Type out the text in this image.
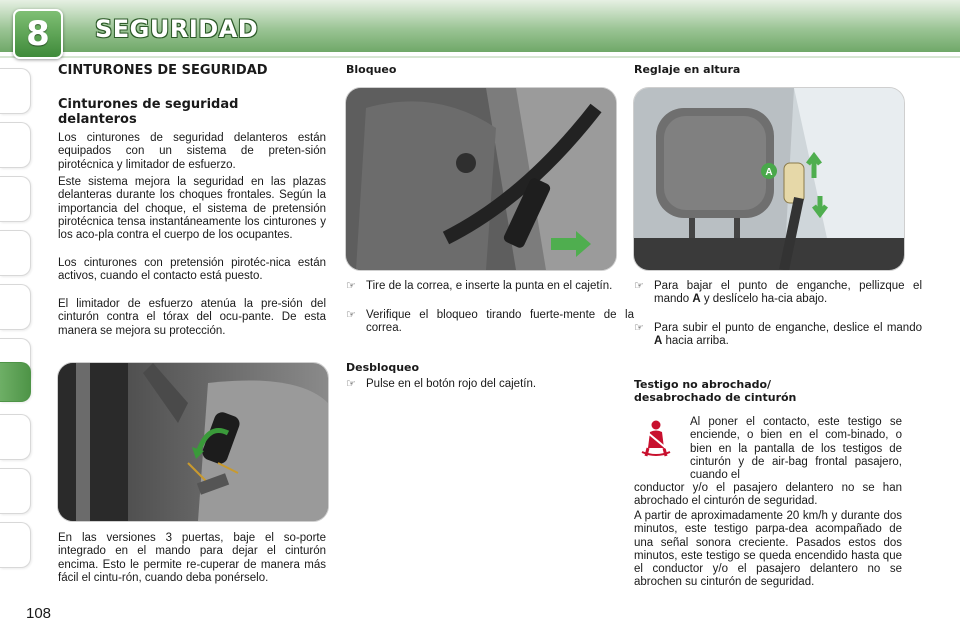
8 SEGURIDAD
CINTURONES DE SEGURIDAD
Cinturones de seguridad
delanteros

Los cinturones de seguridad delanteros están equipados con un sistema de preten-sión pirotécnica y limitador de esfuerzo.

Este sistema mejora la seguridad en las plazas delanteras durante los choques frontales. Según la importancia del choque, el sistema de pretensión pirotécnica tensa instantáneamente los cinturones y los aco-pla contra el cuerpo de los ocupantes.

Los cinturones con pretensión pirotéc-nica están activos, cuando el contacto está puesto.

El limitador de esfuerzo atenúa la pre-sión del cinturón contra el tórax del ocu-pante. De esta manera se mejora su protección.

En las versiones 3 puertas, baje el so-porte integrado en el mando para dejar el cinturón encima. Esto le permite re-cuperar de manera más fácil el cintu-rón, cuando deba ponérselo.

Bloqueo
☞ Tire de la correa, e inserte la punta en el cajetín.
☞ Verifique el bloqueo tirando fuerte-mente de la correa.
Desbloqueo
☞ Pulse en el botón rojo del cajetín.
Reglaje en altura
A
☞ Para bajar el punto de enganche, pellizque el mando A y deslícelo ha-cia abajo.
☞ Para subir el punto de enganche, deslice el mando A hacia arriba.
Testigo no abrochado/
desabrochado de cinturón

Al poner el contacto, este testigo se enciende, o bien en el com-binado, o bien en la pantalla de los testigos de cinturón y de air-bag frontal pasajero, cuando el

conductor y/o el pasajero delantero no se han abrochado el cinturón de seguridad.

A partir de aproximadamente 20 km/h y durante dos minutos, este testigo parpa-dea acompañado de una señal sonora creciente. Pasados estos dos minutos, este testigo se queda encendido hasta que el conductor y/o el pasajero delantero no se abrochen su cinturón de seguridad.

108
